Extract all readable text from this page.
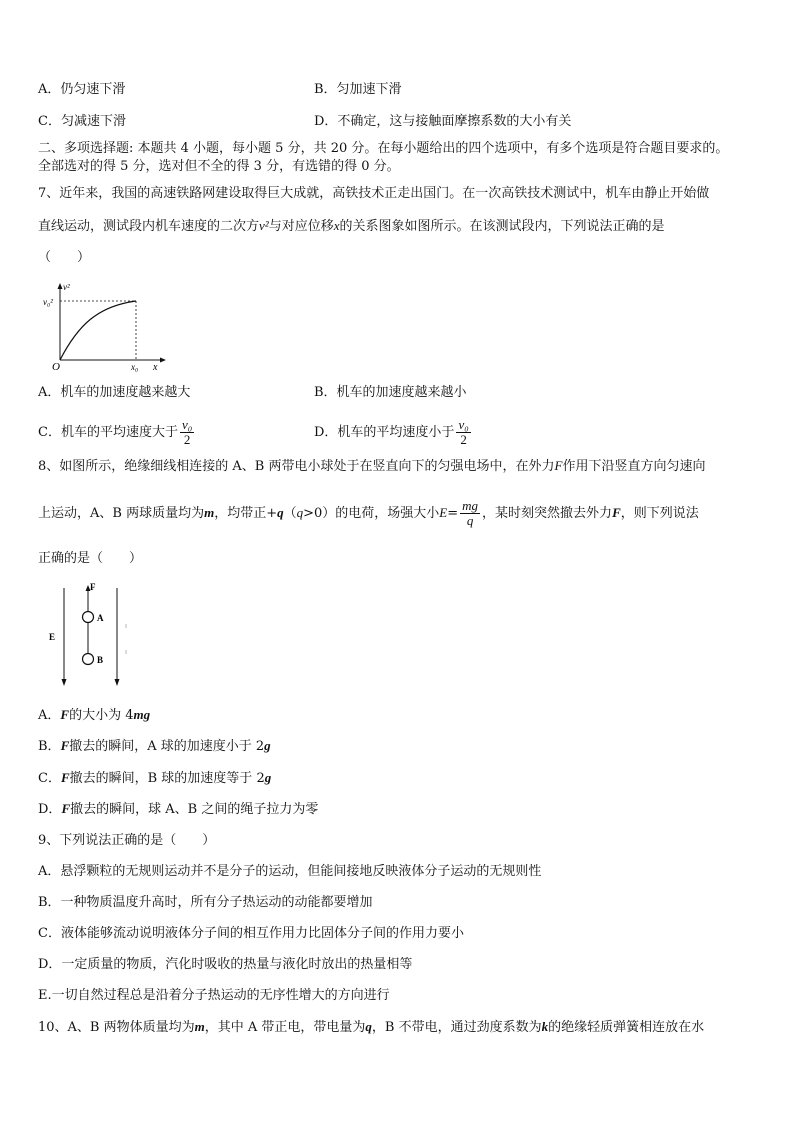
A．仍匀速下滑	B．匀加速下滑
C．匀减速下滑	D．不确定，这与接触面摩擦系数的大小有关
二、多项选择题: 本题共 4 小题，每小题 5 分，共 20 分。在每小题给出的四个选项中，有多个选项是符合题目要求的。
全部选对的得 5 分，选对但不全的得 3 分，有选错的得 0 分。
7、近年来，我国的高速铁路网建设取得巨大成就，高铁技术正走出国门。在一次高铁技术测试中，机车由静止开始做
直线运动，测试段内机车速度的二次方v²与对应位移x的关系图象如图所示。在该测试段内，下列说法正确的是
（　　）
v²
v₀²
x
x₀
O
A．机车的加速度越来越大	B．机车的加速度越来越小
C．机车的平均速度大于 $\frac{\text{v₀}}{2}$	D．机车的平均速度小于 $\frac{\text{v₀}}{2}$
8、如图所示，绝缘细线相连接的 A、B 两带电小球处于在竖直向下的匀强电场中，在外力F作用下沿竖直方向匀速向
上运动，A、B 两球质量均为m，均带正+q（q>0）的电荷，场强大小$E= \frac{mg}{q}$ ，某时刻突然撤去外力F，则下列说法
正确的是（　　）
F
A
B
E
A．F的大小为 4mg
B．F撤去的瞬间，A 球的加速度小于 2g
C．F撤去的瞬间，B 球的加速度等于 2g
D．F撤去的瞬间，球 A、B 之间的绳子拉力为零
9、下列说法正确的是（　　）
A．悬浮颗粒的无规则运动并不是分子的运动，但能间接地反映液体分子运动的无规则性
B．一种物质温度升高时，所有分子热运动的动能都要增加
C．液体能够流动说明液体分子间的相互作用力比固体分子间的作用力要小
D．一定质量的物质，汽化时吸收的热量与液化时放出的热量相等
E.一切自然过程总是沿着分子热运动的无序性增大的方向进行
10、A、B 两物体质量均为m，其中 A 带正电，带电量为q，B 不带电，通过劲度系数为k的绝缘轻质弹簧相连放在水
